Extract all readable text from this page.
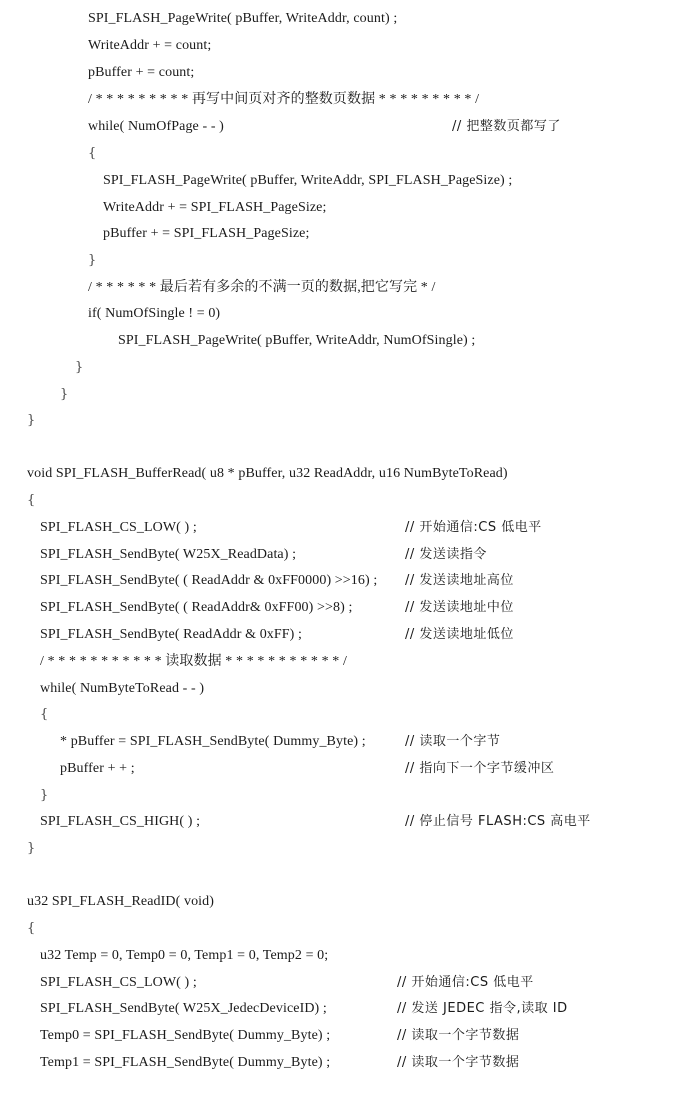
SPI_FLASH_PageWrite( pBuffer, WriteAddr, count) ;
WriteAddr + = count;
pBuffer + = count;
/ * * * * * * * * * 再写中间页对齐的整数页数据 * * * * * * * * * /
while( NumOfPage - - )	// 把整数页都写了
{
SPI_FLASH_PageWrite( pBuffer, WriteAddr, SPI_FLASH_PageSize) ;
WriteAddr + = SPI_FLASH_PageSize;
pBuffer + = SPI_FLASH_PageSize;
}
/ * * * * * * 最后若有多余的不满一页的数据,把它写完 * /
if( NumOfSingle ! = 0)
SPI_FLASH_PageWrite( pBuffer, WriteAddr, NumOfSingle) ;
}
}
}
void SPI_FLASH_BufferRead( u8 * pBuffer, u32 ReadAddr, u16 NumByteToRead)
{
SPI_FLASH_CS_LOW( ) ;	// 开始通信:CS 低电平
SPI_FLASH_SendByte( W25X_ReadData) ;	// 发送读指令
SPI_FLASH_SendByte( ( ReadAddr & 0xFF0000) >>16) ; // 发送读地址高位
SPI_FLASH_SendByte( ( ReadAddr& 0xFF00) >>8) ;	// 发送读地址中位
SPI_FLASH_SendByte( ReadAddr & 0xFF) ;	// 发送读地址低位
/ * * * * * * * * * * * 读取数据 * * * * * * * * * * * /
while( NumByteToRead - - )
{
* pBuffer = SPI_FLASH_SendByte( Dummy_Byte) ;	// 读取一个字节
pBuffer + + ;	// 指向下一个字节缓冲区
}
SPI_FLASH_CS_HIGH( ) ;	// 停止信号 FLASH:CS 高电平
}
u32 SPI_FLASH_ReadID( void)
{
u32 Temp = 0, Temp0 = 0, Temp1 = 0, Temp2 = 0;
SPI_FLASH_CS_LOW( ) ;	// 开始通信:CS 低电平
SPI_FLASH_SendByte( W25X_JedecDeviceID) ;	// 发送 JEDEC 指令,读取 ID
Temp0 = SPI_FLASH_SendByte( Dummy_Byte) ;	// 读取一个字节数据
Temp1 = SPI_FLASH_SendByte( Dummy_Byte) ;	// 读取一个字节数据
